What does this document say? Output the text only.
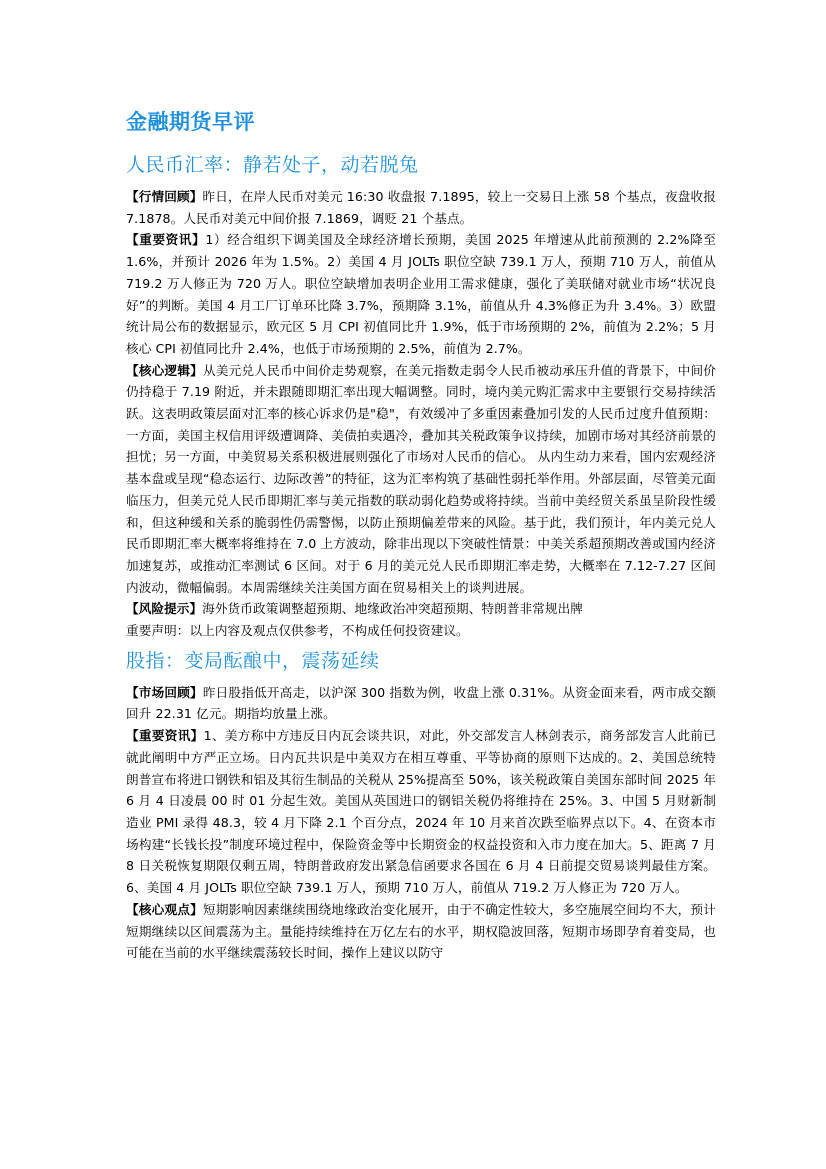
金融期货早评
人民币汇率：静若处子，动若脱兔

【行情回顾】昨日，在岸人民币对美元 16:30 收盘报 7.1895，较上一交易日上涨 58 个基点，夜盘收报 7.1878。人民币对美元中间价报 7.1869，调贬 21 个基点。

【重要资讯】1）经合组织下调美国及全球经济增长预期，美国 2025 年增速从此前预测的 2.2%降至 1.6%，并预计 2026 年为 1.5%。2）美国 4 月 JOLTs 职位空缺 739.1 万人，预期 710 万人，前值从 719.2 万人修正为 720 万人。职位空缺增加表明企业用工需求健康，强化了美联储对就业市场“状况良好”的判断。美国 4 月工厂订单环比降 3.7%，预期降 3.1%，前值从升 4.3%修正为升 3.4%。3）欧盟统计局公布的数据显示，欧元区 5 月 CPI 初值同比升 1.9%，低于市场预期的 2%，前值为 2.2%；5 月核心 CPI 初值同比升 2.4%，也低于市场预期的 2.5%，前值为 2.7%。

【核心逻辑】从美元兑人民币中间价走势观察，在美元指数走弱令人民币被动承压升值的背景下，中间价仍持稳于 7.19 附近，并未跟随即期汇率出现大幅调整。同时，境内美元购汇需求中主要银行交易持续活跃。这表明政策层面对汇率的核心诉求仍是"稳"，有效缓冲了多重因素叠加引发的人民币过度升值预期：一方面，美国主权信用评级遭调降、美债拍卖遇冷，叠加其关税政策争议持续，加剧市场对其经济前景的担忧；另一方面，中美贸易关系积极进展则强化了市场对人民币的信心。 从内生动力来看，国内宏观经济基本盘或呈现“稳态运行、边际改善”的特征，这为汇率构筑了基础性弱托举作用。外部层面，尽管美元面临压力，但美元兑人民币即期汇率与美元指数的联动弱化趋势或将持续。当前中美经贸关系虽呈阶段性缓和，但这种缓和关系的脆弱性仍需警惕，以防止预期偏差带来的风险。基于此，我们预计，年内美元兑人民币即期汇率大概率将维持在 7.0 上方波动，除非出现以下突破性情景：中美关系超预期改善或国内经济加速复苏，或推动汇率测试 6 区间。对于 6 月的美元兑人民币即期汇率走势，大概率在 7.12-7.27 区间内波动，微幅偏弱。本周需继续关注美国方面在贸易相关上的谈判进展。

【风险提示】海外货币政策调整超预期、地缘政治冲突超预期、特朗普非常规出牌

重要声明：以上内容及观点仅供参考，不构成任何投资建议。

股指：变局酝酿中，震荡延续

【市场回顾】昨日股指低开高走，以沪深 300 指数为例，收盘上涨 0.31%。从资金面来看，两市成交额回升 22.31 亿元。期指均放量上涨。

【重要资讯】1、美方称中方违反日内瓦会谈共识，对此，外交部发言人林剑表示，商务部发言人此前已就此阐明中方严正立场。日内瓦共识是中美双方在相互尊重、平等协商的原则下达成的。2、美国总统特朗普宣布将进口钢铁和铝及其衍生制品的关税从 25%提高至 50%，该关税政策自美国东部时间 2025 年 6 月 4 日凌晨 00 时 01 分起生效。美国从英国进口的钢铝关税仍将维持在 25%。3、中国 5 月财新制造业 PMI 录得 48.3，较 4 月下降 2.1 个百分点，2024 年 10 月来首次跌至临界点以下。4、在资本市场构建“长钱长投”制度环境过程中，保险资金等中长期资金的权益投资和入市力度在加大。5、距离 7 月 8 日关税恢复期限仅剩五周，特朗普政府发出紧急信函要求各国在 6 月 4 日前提交贸易谈判最佳方案。6、美国 4 月 JOLTs 职位空缺 739.1 万人，预期 710 万人，前值从 719.2 万人修正为 720 万人。

【核心观点】短期影响因素继续围绕地缘政治变化展开，由于不确定性较大，多空施展空间均不大，预计短期继续以区间震荡为主。量能持续维持在万亿左右的水平，期权隐波回落，短期市场即孕育着变局，也可能在当前的水平继续震荡较长时间，操作上建议以防守
